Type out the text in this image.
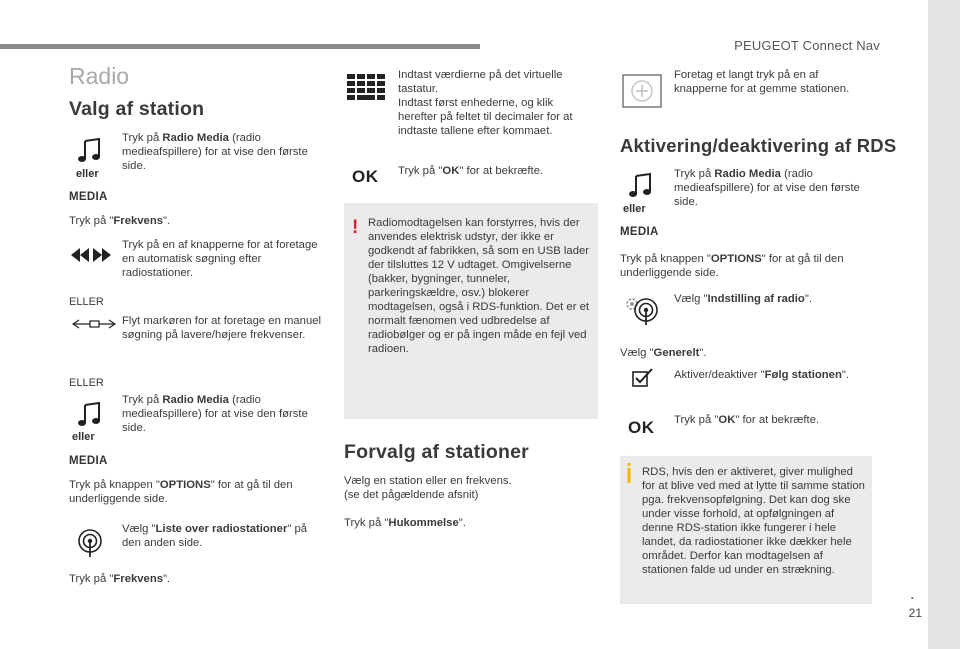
PEUGEOT Connect Nav
.
21
Radio
Valg af station
eller
MEDIA
Tryk på Radio Media (radio medieafspillere) for at vise den første side.
Tryk på "Frekvens".
Tryk på en af knapperne for at foretage en automatisk søgning efter radiostationer.
ELLER
Flyt markøren for at foretage en manuel søgning på lavere/højere frekvenser.
ELLER
eller
MEDIA
Tryk på Radio Media (radio medieafspillere) for at vise den første side.
Tryk på knappen "OPTIONS" for at gå til den underliggende side.
Vælg "Liste over radiostationer" på den anden side.
Tryk på "Frekvens".
Indtast værdierne på det virtuelle tastatur.
Indtast først enhederne, og klik herefter på feltet til decimaler for at indtaste tallene efter kommaet.
OK Tryk på "OK" for at bekræfte.
! Radiomodtagelsen kan forstyrres, hvis der anvendes elektrisk udstyr, der ikke er godkendt af fabrikken, så som en USB lader der tilsluttes 12 V udtaget. Omgivelserne (bakker, bygninger, tunneler, parkeringskældre, osv.) blokerer modtagelsen, også i RDS-funktion. Det er et normalt fænomen ved udbredelse af radiobølger og er på ingen måde en fejl ved radioen.
Forvalg af stationer
Vælg en station eller en frekvens.
(se det pågældende afsnit)
Tryk på "Hukommelse".
Foretag et langt tryk på en af knapperne for at gemme stationen.
Aktivering/deaktivering af RDS
eller
MEDIA
Tryk på Radio Media (radio medieafspillere) for at vise den første side.
Tryk på knappen "OPTIONS" for at gå til den underliggende side.
Vælg "Indstilling af radio".
Vælg "Generelt".
Aktiver/deaktiver "Følg stationen".
OK Tryk på "OK" for at bekræfte.
RDS, hvis den er aktiveret, giver mulighed for at blive ved med at lytte til samme station pga. frekvensopfølgning. Det kan dog ske under visse forhold, at opfølgningen af denne RDS-station ikke fungerer i hele landet, da radiostationer ikke dækker hele området. Derfor kan modtagelsen af stationen falde ud under en strækning.
